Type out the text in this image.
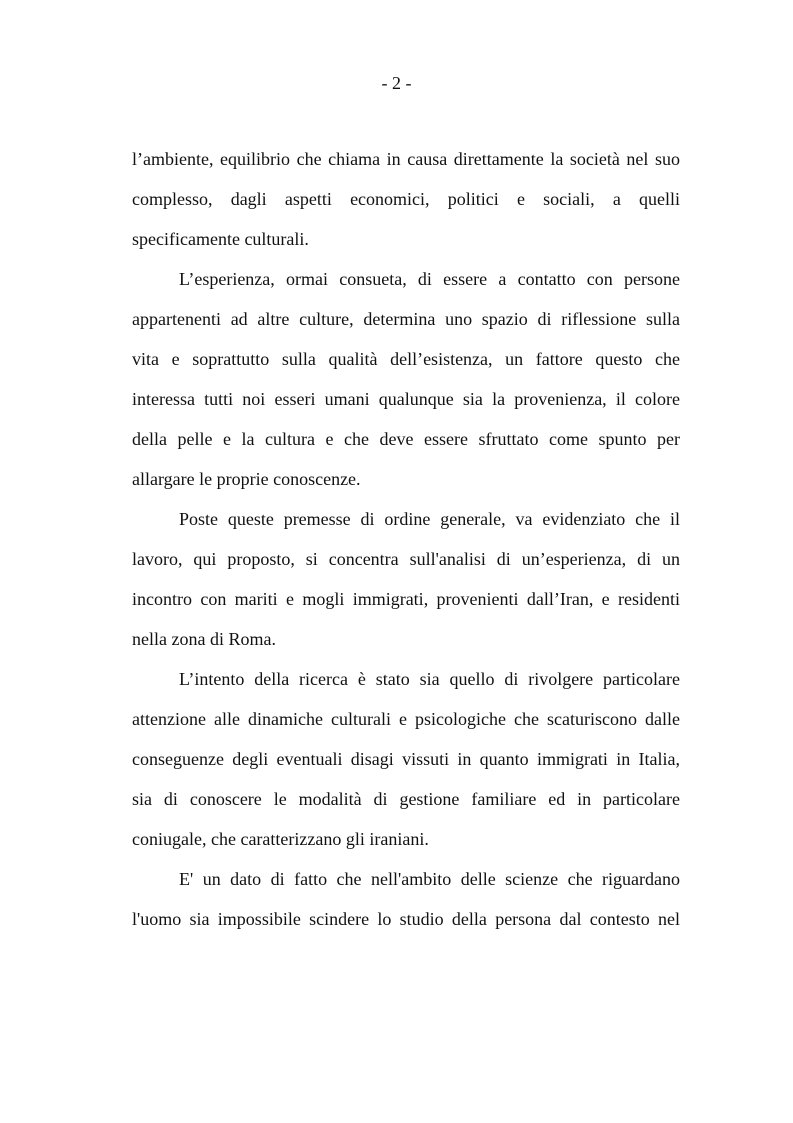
- 2 -
l’ambiente, equilibrio che chiama in causa direttamente la società nel suo
complesso, dagli aspetti economici, politici e sociali, a quelli
specificamente culturali.
L’esperienza, ormai consueta, di essere a contatto con persone
appartenenti ad altre culture, determina uno spazio di riflessione sulla
vita e soprattutto sulla qualità dell’esistenza, un fattore questo che
interessa tutti noi esseri umani qualunque sia la provenienza, il colore
della pelle e la cultura e che deve essere sfruttato come spunto per
allargare le proprie conoscenze.
Poste queste premesse di ordine generale, va evidenziato che il
lavoro, qui proposto, si concentra sull'analisi di un’esperienza, di un
incontro con mariti e mogli immigrati, provenienti dall’Iran, e residenti
nella zona di Roma.
L’intento della ricerca è stato sia quello di rivolgere particolare
attenzione alle dinamiche culturali e psicologiche che scaturiscono dalle
conseguenze degli eventuali disagi vissuti in quanto immigrati in Italia,
sia di conoscere le modalità di gestione familiare ed in particolare
coniugale, che caratterizzano gli iraniani.
E' un dato di fatto che nell'ambito delle scienze che riguardano
l'uomo sia impossibile scindere lo studio della persona dal contesto nel
